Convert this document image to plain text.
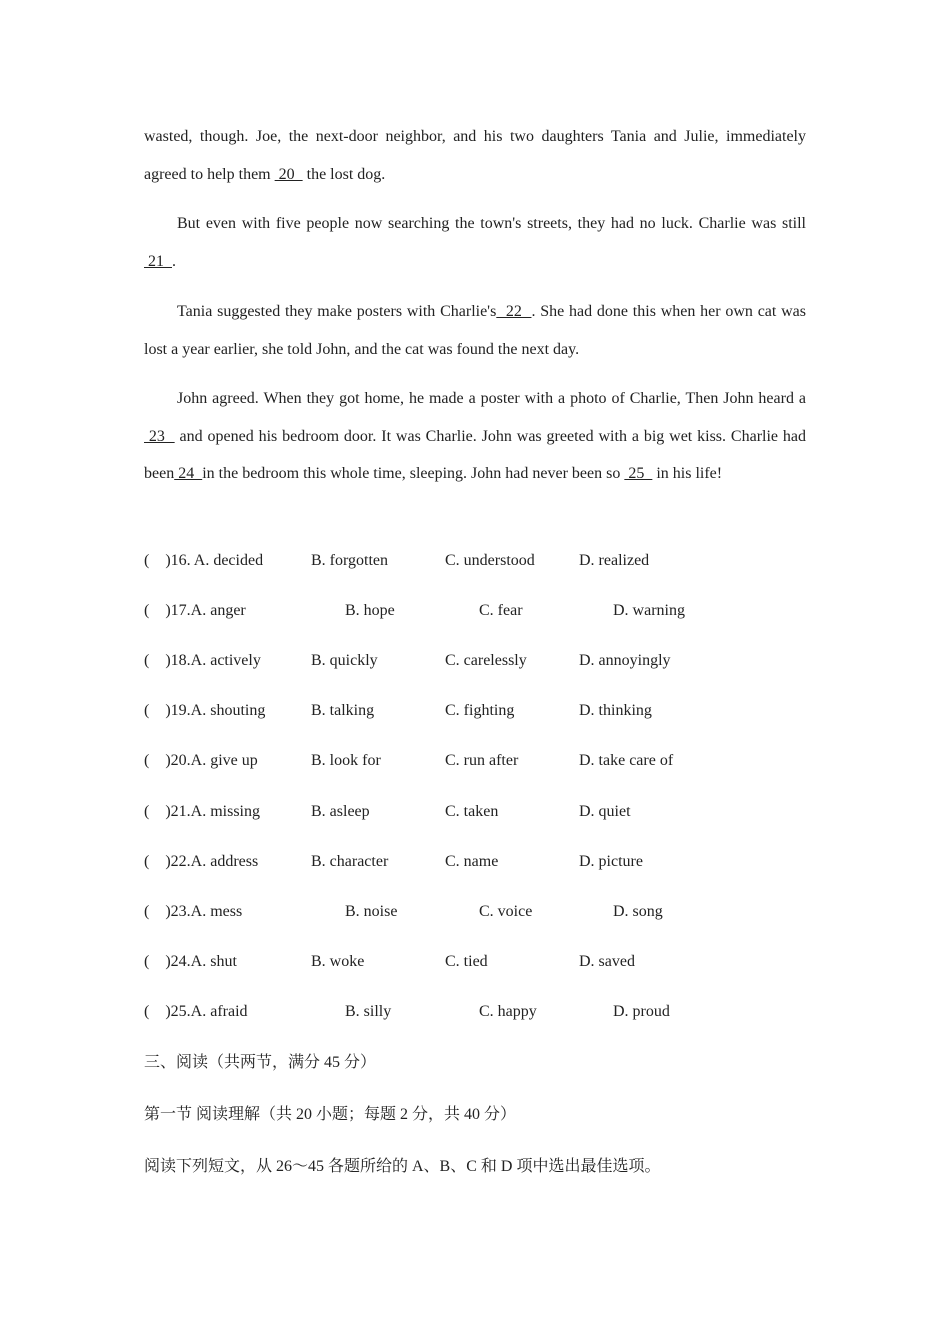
wasted, though. Joe, the next-door neighbor, and his two daughters Tania and Julie, immediately agreed to help them  20   the lost dog.

But even with five people now searching the town's streets, they had no luck. Charlie was still 21  .

Tania suggested they make posters with Charlie's  22  . She had done this when her own cat was lost a year earlier, she told John, and the cat was found the next day.

John agreed. When they got home, he made a poster with a photo of Charlie, Then John heard a  23   and opened his bedroom door. It was Charlie. John was greeted with a big wet kiss. Charlie had been 24  in the bedroom this whole time, sleeping. John had never been so  25   in his life!

(    )16. A. decided	B. forgotten	C. understood	D. realized
(    )17.A. anger	B. hope	C. fear	D. warning
(    )18.A. actively	B. quickly	C. carelessly	D. annoyingly
(    )19.A. shouting	B. talking	C. fighting	D. thinking
(    )20.A. give up	B. look for	C. run after	D. take care of
(    )21.A. missing	B. asleep	C. taken	D. quiet
(    )22.A. address	B. character	C. name	D. picture
(    )23.A. mess	B. noise	C. voice	D. song
(    )24.A. shut	B. woke	C. tied	D. saved
(    )25.A. afraid	B. silly	C. happy	D. proud
三、阅读（共两节，满分 45 分）
第一节 阅读理解（共 20 小题；每题 2 分，共 40 分）
阅读下列短文，从 26～45 各题所给的 A、B、C 和 D 项中选出最佳选项。
